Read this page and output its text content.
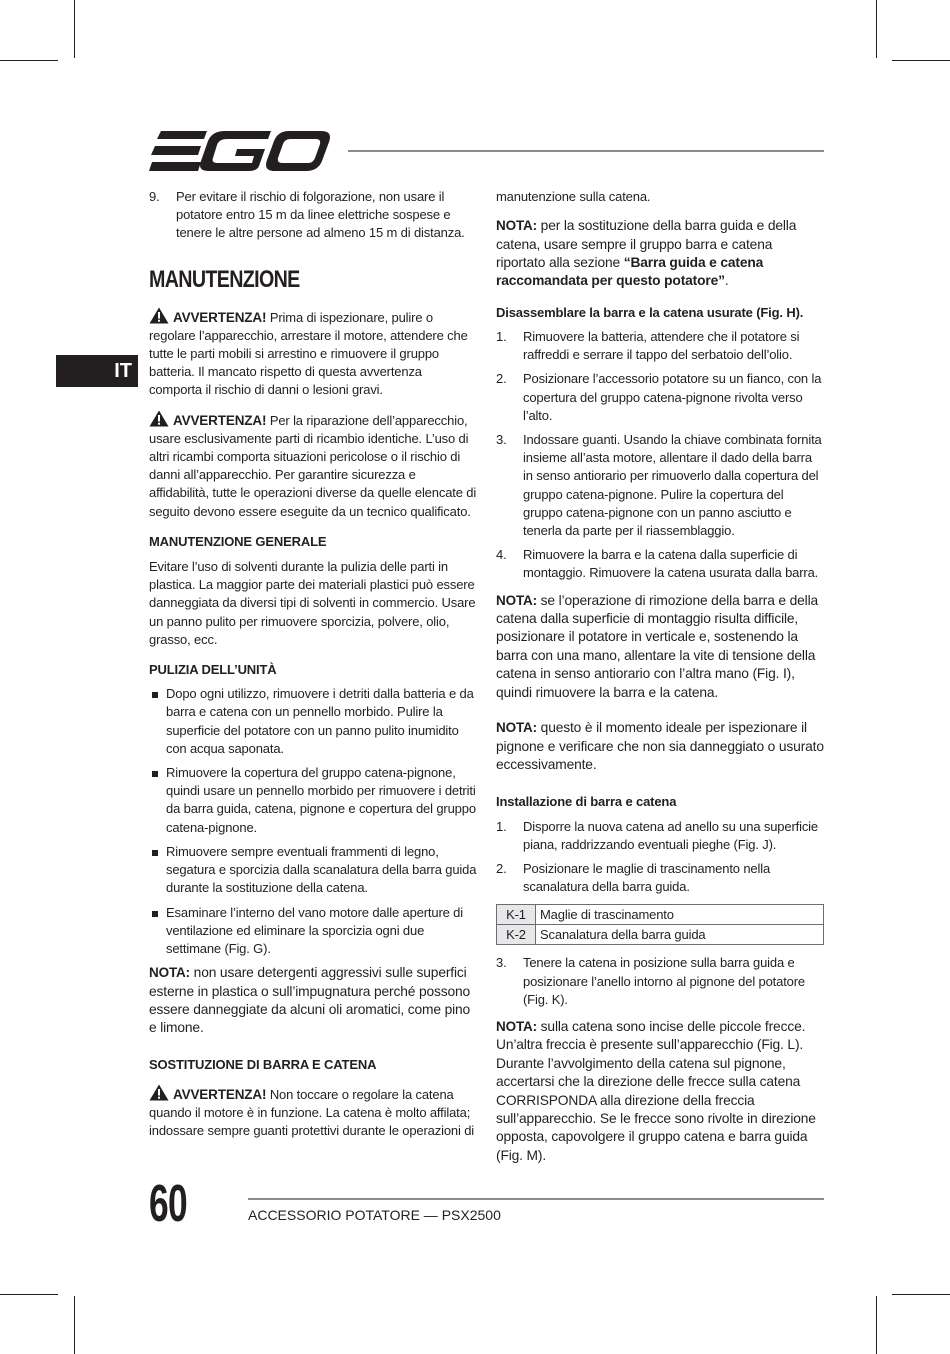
IT
9. Per evitare il rischio di folgorazione, non usare il potatore entro 15 m da linee elettriche sospese e tenere le altre persone ad almeno 15 m di distanza.
MANUTENZIONE

AVVERTENZA! Prima di ispezionare, pulire o regolare l’apparecchio, arrestare il motore, attendere che tutte le parti mobili si arrestino e rimuovere il gruppo batteria. Il mancato rispetto di questa avvertenza comporta il rischio di danni o lesioni gravi.

AVVERTENZA! Per la riparazione dell’apparecchio, usare esclusivamente parti di ricambio identiche. L’uso di altri ricambi comporta situazioni pericolose o il rischio di danni all’apparecchio. Per garantire sicurezza e affidabilità, tutte le operazioni diverse da quelle elencate di seguito devono essere eseguite da un tecnico qualificato.

MANUTENZIONE GENERALE

Evitare l’uso di solventi durante la pulizia delle parti in plastica. La maggior parte dei materiali plastici può essere danneggiata da diversi tipi di solventi in commercio. Usare un panno pulito per rimuovere sporcizia, polvere, olio, grasso, ecc.

PULIZIA DELL’UNITÀ

Dopo ogni utilizzo, rimuovere i detriti dalla batteria e da barra e catena con un pennello morbido. Pulire la superficie del potatore con un panno pulito inumidito con acqua saponata.
Rimuovere la copertura del gruppo catena-pignone, quindi usare un pennello morbido per rimuovere i detriti da barra guida, catena, pignone e copertura del gruppo catena-pignone.
Rimuovere sempre eventuali frammenti di legno, segatura e sporcizia dalla scanalatura della barra guida durante la sostituzione della catena.
Esaminare l’interno del vano motore dalle aperture di ventilazione ed eliminare la sporcizia ogni due settimane (Fig. G).

NOTA: non usare detergenti aggressivi sulle superfici esterne in plastica o sull’impugnatura perché possono essere danneggiate da alcuni oli aromatici, come pino e limone.

SOSTITUZIONE DI BARRA E CATENA

AVVERTENZA! Non toccare o regolare la catena quando il motore è in funzione. La catena è molto affilata; indossare sempre guanti protettivi durante le operazioni di

manutenzione sulla catena.

NOTA: per la sostituzione della barra guida e della catena, usare sempre il gruppo barra e catena riportato alla sezione “Barra guida e catena raccomandata per questo potatore”.

Disassemblare la barra e la catena usurate (Fig. H).

1. Rimuovere la batteria, attendere che il potatore si raffreddi e serrare il tappo del serbatoio dell’olio.
2. Posizionare l’accessorio potatore su un fianco, con la copertura del gruppo catena-pignone rivolta verso l’alto.
3. Indossare guanti. Usando la chiave combinata fornita insieme all’asta motore, allentare il dado della barra in senso antiorario per rimuoverlo dalla copertura del gruppo catena-pignone. Pulire la copertura del gruppo catena-pignone con un panno asciutto e tenerla da parte per il riassemblaggio.
4. Rimuovere la barra e la catena dalla superficie di montaggio. Rimuovere la catena usurata dalla barra.

NOTA: se l’operazione di rimozione della barra e della catena dalla superficie di montaggio risulta difficile, posizionare il potatore in verticale e, sostenendo la barra con una mano, allentare la vite di tensione della catena in senso antiorario con l’altra mano (Fig. I), quindi rimuovere la barra e la catena.

NOTA: questo è il momento ideale per ispezionare il pignone e verificare che non sia danneggiato o usurato eccessivamente.

Installazione di barra e catena

1. Disporre la nuova catena ad anello su una superficie piana, raddrizzando eventuali pieghe (Fig. J).
2. Posizionare le maglie di trascinamento nella scanalatura della barra guida.
K-1	Maglie di trascinamento
K-2	Scanalatura della barra guida
3. Tenere la catena in posizione sulla barra guida e posizionare l’anello intorno al pignone del potatore (Fig. K).

NOTA: sulla catena sono incise delle piccole frecce. Un’altra freccia è presente sull’apparecchio (Fig. L). Durante l’avvolgimento della catena sul pignone, accertarsi che la direzione delle frecce sulla catena CORRISPONDA alla direzione della freccia sull’apparecchio. Se le frecce sono rivolte in direzione opposta, capovolgere il gruppo catena e barra guida (Fig. M).

60	ACCESSORIO POTATORE — PSX2500
